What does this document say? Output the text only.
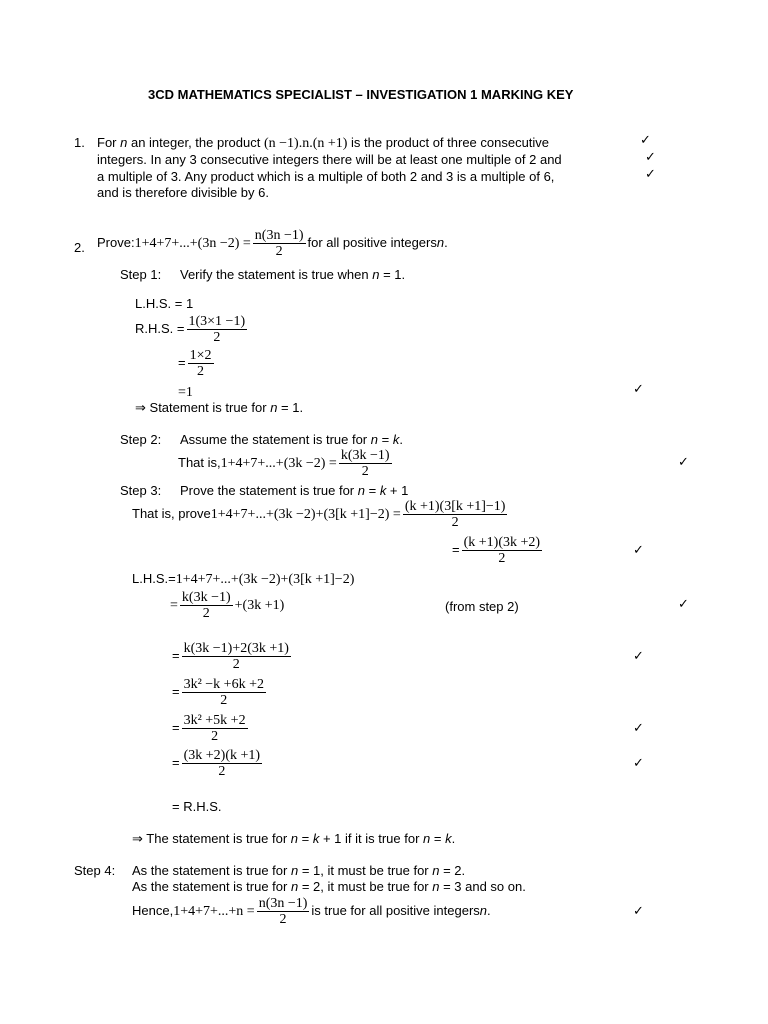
3CD MATHEMATICS SPECIALIST – INVESTIGATION 1 MARKING KEY
1. For n an integer, the product (n −1).n.(n +1) is the product of three consecutive
integers. In any 3 consecutive integers there will be at least one multiple of 2 and
a multiple of 3. Any product which is a multiple of both 2 and 3 is a multiple of 6,
and is therefore divisible by 6.
✓
✓
✓
2. Prove: $1+4+7+...+(3n -2) = \frac{n(3n -1)}{2}$ for all positive integers n .
Step 1: Verify the statement is true when n = 1.
L.H.S. = 1
R.H.S. = $\frac{1(3\times 1 -1)}{2}$
= $\frac{1\times 2}{2}$
=1	✓
⇒ Statement is true for n = 1.
Step 2: Assume the statement is true for n = k.
That is, $1+4+7+...+(3k -2) = \frac{k(3k -1)}{2}$	✓
Step 3: Prove the statement is true for n = k + 1
That is, prove $1+4+7+...+(3k -2)+(3[k +1]-2) = \frac{(k +1)(3[k +1]-1)}{2}$
= $\frac{(k +1)(3k +2)}{2}$	✓
L.H.S.=1+4+7+...+(3k −2)+(3[k +1]−2)
= $\frac{k(3k -1)}{2} +(3k +1)$	(from step 2)	✓
= $\frac{k(3k -1)+2(3k +1)}{2}$	✓
= $\frac{\text{3k² −k +6k +2}}{2}$
= $\frac{\text{3k² +5k +2}}{2}$	✓
= $\frac{(3k +2)(k +1)}{2}$	✓
= R.H.S.
⇒ The statement is true for n = k + 1 if it is true for n = k.
Step 4: As the statement is true for n = 1, it must be true for n = 2.
As the statement is true for n = 2, it must be true for n = 3 and so on.
Hence, $1+4+7+...+n = \frac{n(3n -1)}{2}$ is true for all positive integers n .	✓
